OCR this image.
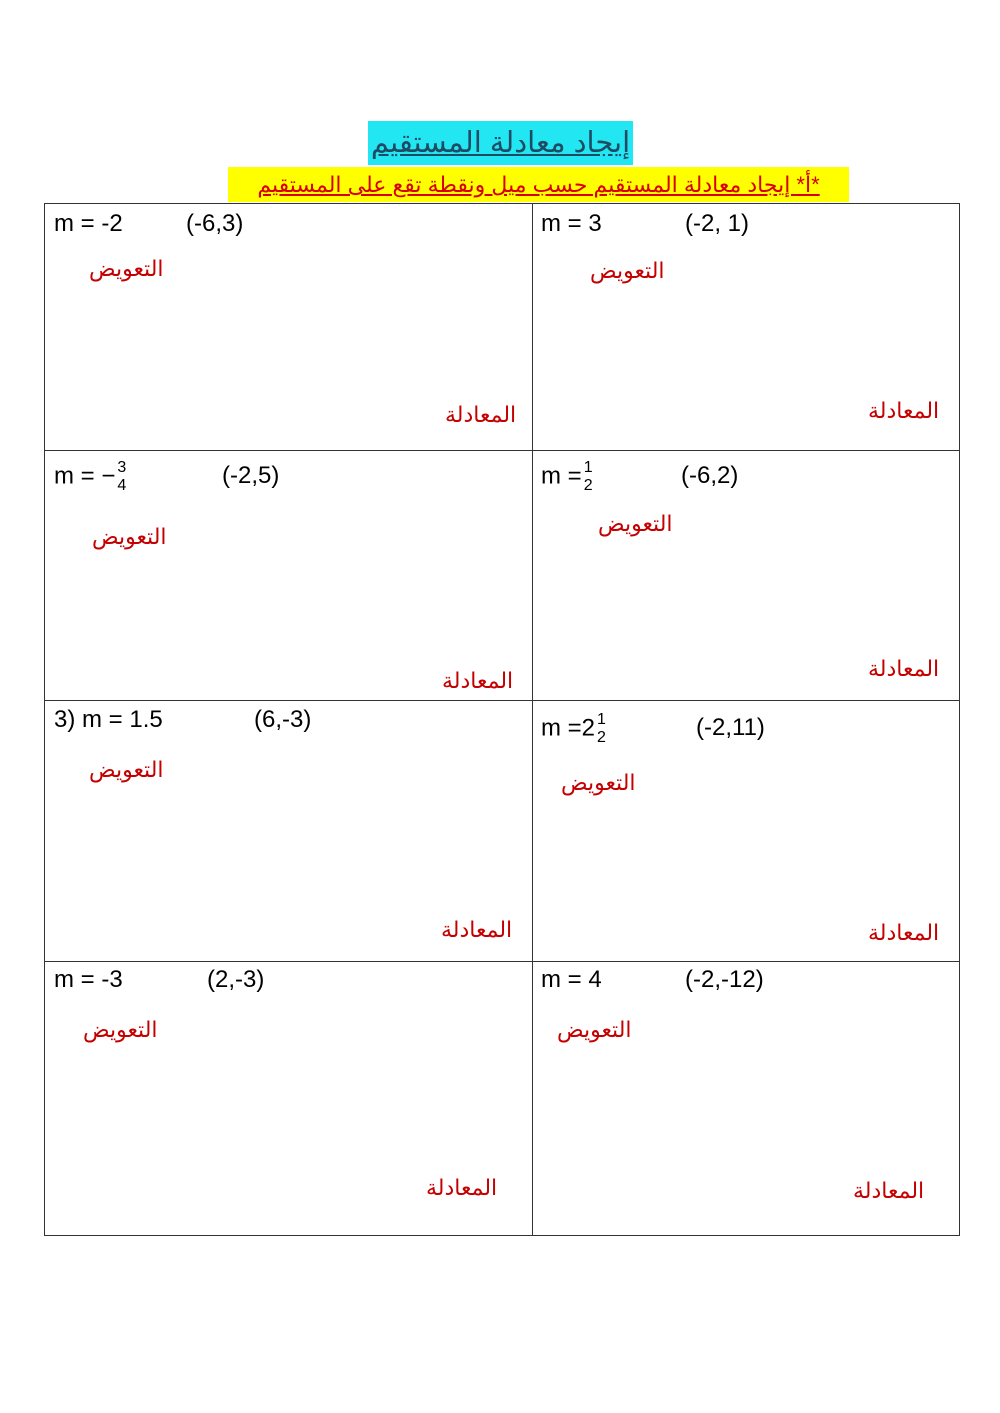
إيجاد معادلة المستقيم
*أ* إيجاد معادلة المستقيم حسب ميل ونقطة تقع على المستقيم
m = -2	(-6,3)
التعويض
المعادلة
m = 3	(-2, 1)
التعويض
المعادلة
m = − 3
4	(-2,5)
التعويض
المعادلة
m = 1
2	(-6,2)
التعويض
المعادلة
3) m = 1.5	(6,-3)
التعويض
المعادلة
m =2 1
2	(-2,11)
التعويض
المعادلة
m = -3	(2,-3)
التعويض
المعادلة
m = 4	(-2,-12)
التعويض
المعادلة
